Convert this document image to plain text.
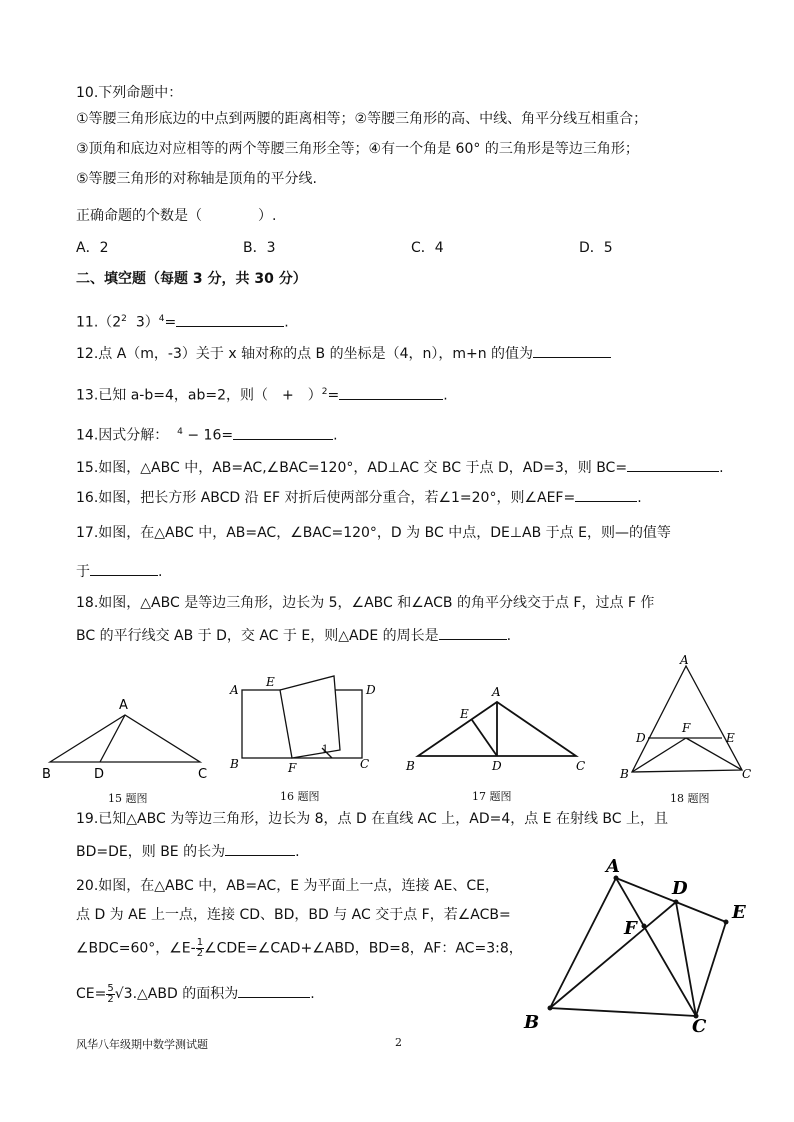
10.下列命题中：
①等腰三角形底边的中点到两腰的距离相等；②等腰三角形的高、中线、角平分线互相重合；
③顶角和底边对应相等的两个等腰三角形全等；④有一个角是 60° 的三角形是等边三角形；
⑤等腰三角形的对称轴是顶角的平分线.
正确命题的个数是（　　　　）.
A．2	B．3	C．4	D．5
二、填空题（每题 3 分，共 30 分）
$11.(2^2$ 3）$^4$=	.
12.点 A（m，-3）关于 x 轴对称的点 B 的坐标是（4，n），m+n 的值为
13.已知 a-b=4，ab=2，则（　+　）$^2$=	.
14.因式分解： $^4$ − 16=	.
15.如图，△ABC 中，AB=AC,∠BAC=120°，AD⊥AC 交 BC 于点 D，AD=3，则 BC=	.
16.如图，把长方形 ABCD 沿 EF 对折后使两部分重合，若∠1=20°，则∠AEF=	.
17.如图，在△ABC 中，AB=AC，∠BAC=120°，D 为 BC 中点，DE⊥AB 于点 E，则—的值等
于	.
18.如图，△ABC 是等边三角形，边长为 5，∠ABC 和∠ACB 的角平分线交于点 F，过点 F 作
BC 的平行线交 AB 于 D，交 AC 于 E，则△ADE 的周长是	.
A
B	D	C
15 题图
A
E
D
B	F	C
1
16 题图
A
E
B	D	C
17 题图
A
F
D	E
B	C
18 题图
19.已知△ABC 为等边三角形，边长为 8，点 D 在直线 AC 上，AD=4，点 E 在射线 BC 上，且
BD=DE，则 BE 的长为	.
20.如图，在△ABC 中，AB=AC，E 为平面上一点，连接 AE、CE，
点 D 为 AE 上一点，连接 CD、BD，BD 与 AC 交于点 F，若∠ACB=
∠BDC=60°，∠E- $\frac{1}{2}$ ∠CDE=∠CAD+∠ABD，BD=8，AF：AC=3:8，
$CE= \frac{5}{2}$ √3.△ABD 的面积为	.
A
D
E
F
B	C
风华八年级期中数学测试题	2
